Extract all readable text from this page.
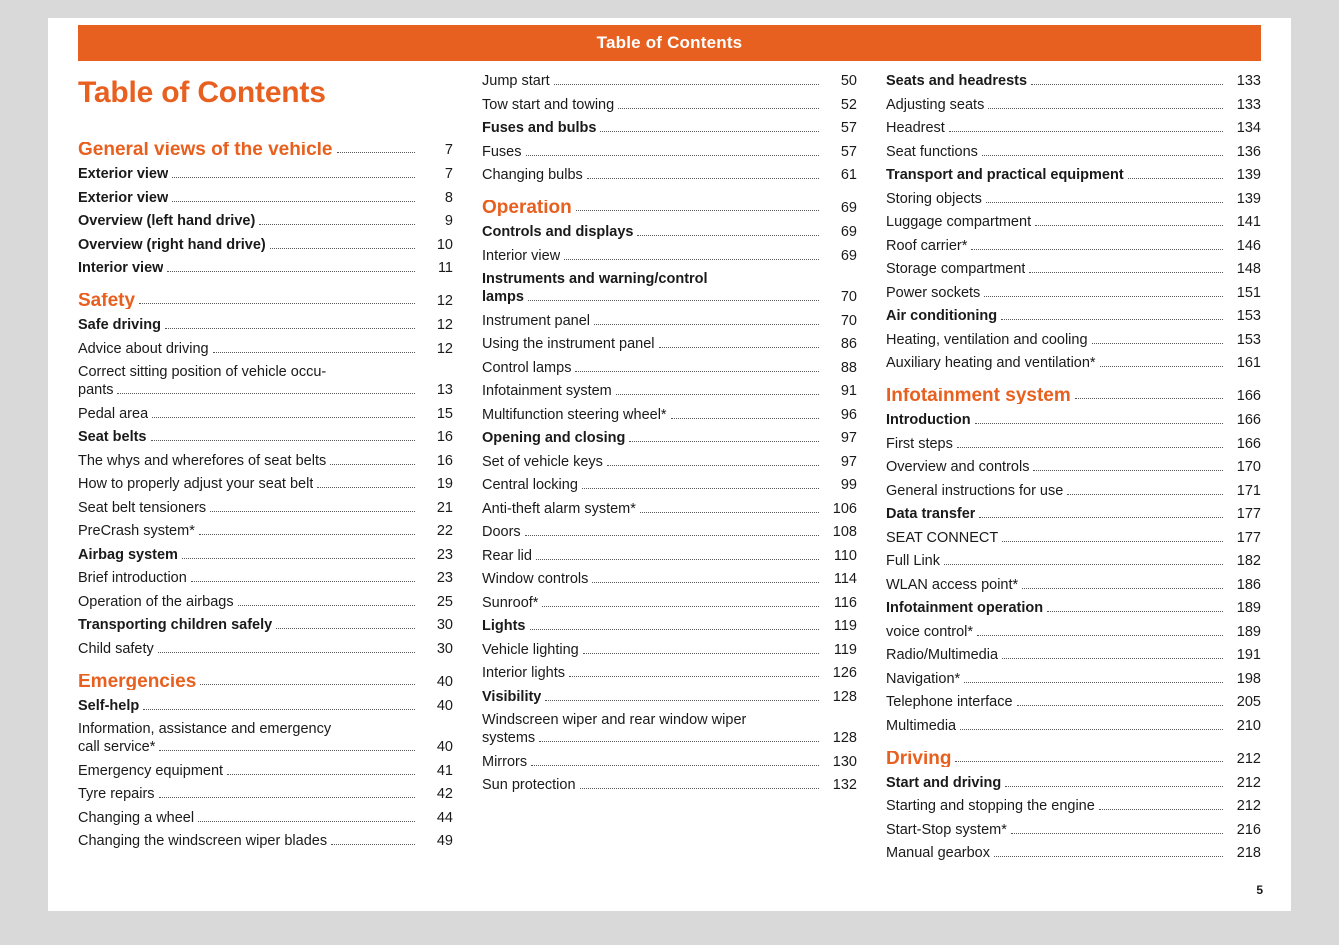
Table of Contents
Table of Contents
General views of the vehicle	7
Exterior view	7
Exterior view	8
Overview (left hand drive)	9
Overview (right hand drive)	10
Interior view	11
Safety	12
Safe driving	12
Advice about driving	12
Correct sitting position of vehicle occu-
pants	13
Pedal area	15
Seat belts	16
The whys and wherefores of seat belts	16
How to properly adjust your seat belt	19
Seat belt tensioners	21
PreCrash system*	22
Airbag system	23
Brief introduction	23
Operation of the airbags	25
Transporting children safely	30
Child safety	30
Emergencies	40
Self-help	40
Information, assistance and emergency
call service*	40
Emergency equipment	41
Tyre repairs	42
Changing a wheel	44
Changing the windscreen wiper blades	49
Jump start	50
Tow start and towing	52
Fuses and bulbs	57
Fuses	57
Changing bulbs	61
Operation	69
Controls and displays	69
Interior view	69
Instruments and warning/control
lamps	70
Instrument panel	70
Using the instrument panel	86
Control lamps	88
Infotainment system	91
Multifunction steering wheel*	96
Opening and closing	97
Set of vehicle keys	97
Central locking	99
Anti-theft alarm system*	106
Doors	108
Rear lid	110
Window controls	114
Sunroof*	116
Lights	119
Vehicle lighting	119
Interior lights	126
Visibility	128
Windscreen wiper and rear window wiper
systems	128
Mirrors	130
Sun protection	132
Seats and headrests	133
Adjusting seats	133
Headrest	134
Seat functions	136
Transport and practical equipment	139
Storing objects	139
Luggage compartment	141
Roof carrier*	146
Storage compartment	148
Power sockets	151
Air conditioning	153
Heating, ventilation and cooling	153
Auxiliary heating and ventilation*	161
Infotainment system	166
Introduction	166
First steps	166
Overview and controls	170
General instructions for use	171
Data transfer	177
SEAT CONNECT	177
Full Link	182
WLAN access point*	186
Infotainment operation	189
voice control*	189
Radio/Multimedia	191
Navigation*	198
Telephone interface	205
Multimedia	210
Driving	212
Start and driving	212
Starting and stopping the engine	212
Start-Stop system*	216
Manual gearbox	218
5
